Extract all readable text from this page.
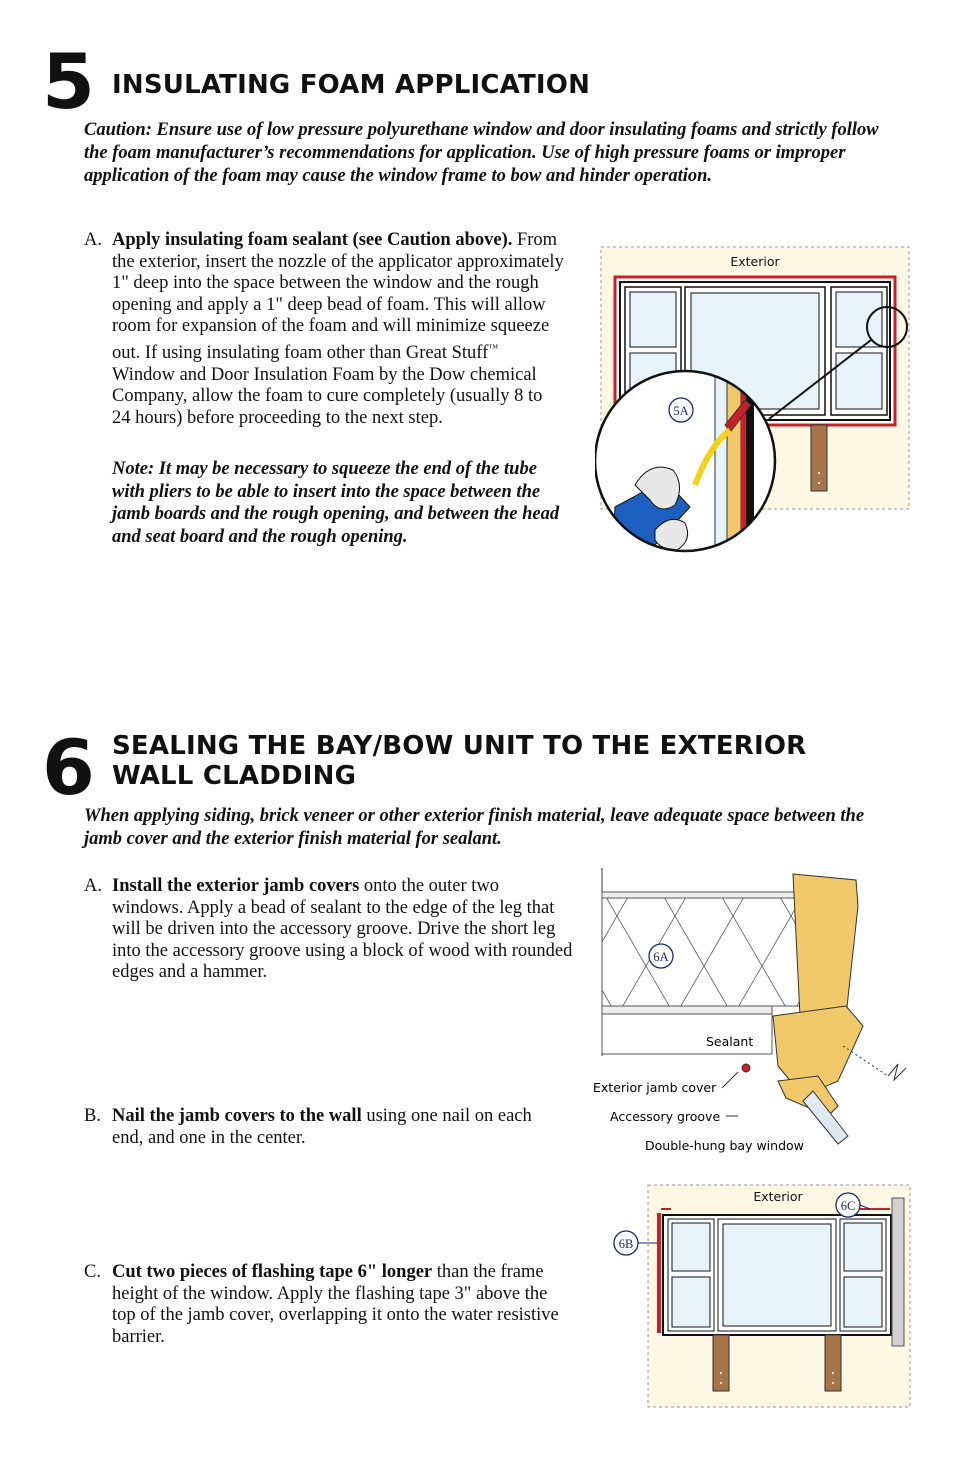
5 INSULATING FOAM APPLICATION
Caution: Ensure use of low pressure polyurethane window and door insulating foams and strictly follow the foam manufacturer’s recommendations for application. Use of high pressure foams or improper application of the foam may cause the window frame to bow and hinder operation.
A. Apply insulating foam sealant (see Caution above). From the exterior, insert the nozzle of the applicator approximately 1" deep into the space between the window and the rough opening and apply a 1" deep bead of foam. This will allow room for expansion of the foam and will minimize squeeze out. If using insulating foam other than Great Stuff™ Window and Door Insulation Foam by the Dow chemical Company, allow the foam to cure completely (usually 8 to 24 hours) before proceeding to the next step.
Note: It may be necessary to squeeze the end of the tube with pliers to be able to insert into the space between the jamb boards and the rough opening, and between the head and seat board and the rough opening.
Exterior
5A
6 SEALING THE BAY/BOW UNIT TO THE EXTERIOR
WALL CLADDING
When applying siding, brick veneer or other exterior finish material, leave adequate space between the jamb cover and the exterior finish material for sealant.
A. Install the exterior jamb covers onto the outer two windows. Apply a bead of sealant to the edge of the leg that will be driven into the accessory groove. Drive the short leg into the accessory groove using a block of wood with rounded edges and a hammer.
B. Nail the jamb covers to the wall using one nail on each end, and one in the center.
C. Cut two pieces of flashing tape 6" longer than the frame height of the window. Apply the flashing tape 3" above the top of the jamb cover, overlapping it onto the water resistive barrier.
6A
Sealant
Exterior jamb cover
Accessory groove
Double-hung bay window
Exterior
6B
6C
